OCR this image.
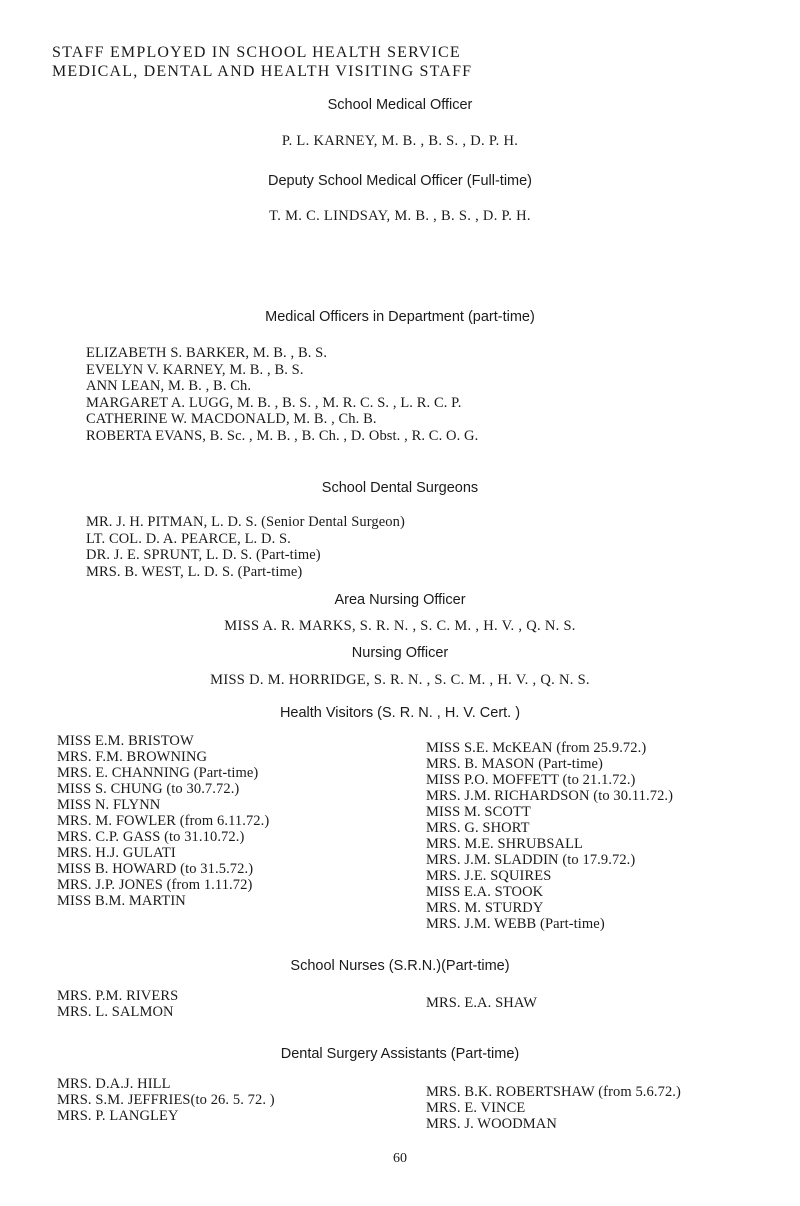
STAFF EMPLOYED IN SCHOOL HEALTH SERVICE
MEDICAL, DENTAL AND HEALTH VISITING STAFF
School Medical Officer
P. L. KARNEY, M. B. , B. S. , D. P. H.
Deputy School Medical Officer (Full-time)
T. M. C. LINDSAY, M. B. , B. S. , D. P. H.
Medical Officers in Department (part-time)
ELIZABETH S. BARKER, M. B. , B. S.
EVELYN V. KARNEY, M. B. , B. S.
ANN LEAN, M. B. , B. Ch.
MARGARET A. LUGG, M. B. , B. S. , M. R. C. S. , L. R. C. P.
CATHERINE W. MACDONALD, M. B. , Ch. B.
ROBERTA EVANS, B. Sc. , M. B. , B. Ch. , D. Obst. , R. C. O. G.
School Dental Surgeons
MR. J. H. PITMAN, L. D. S. (Senior Dental Surgeon)
LT. COL. D. A. PEARCE, L. D. S.
DR. J. E. SPRUNT, L. D. S. (Part-time)
MRS. B. WEST, L. D. S. (Part-time)
Area Nursing Officer
MISS A. R. MARKS, S. R. N. , S. C. M. , H. V. , Q. N. S.
Nursing Officer
MISS D. M. HORRIDGE, S. R. N. , S. C. M. , H. V. , Q. N. S.
Health Visitors (S. R. N. , H. V. Cert. )
MISS E.M. BRISTOW
MRS. F.M. BROWNING
MRS. E. CHANNING (Part-time)
MISS S. CHUNG (to 30.7.72.)
MISS N. FLYNN
MRS. M. FOWLER (from 6.11.72.)
MRS. C.P. GASS (to 31.10.72.)
MRS. H.J. GULATI
MISS B. HOWARD (to 31.5.72.)
MRS. J.P. JONES (from 1.11.72)
MISS B.M. MARTIN
MISS S.E. McKEAN (from 25.9.72.)
MRS. B. MASON (Part-time)
MISS P.O. MOFFETT (to 21.1.72.)
MRS. J.M. RICHARDSON (to 30.11.72.)
MISS M. SCOTT
MRS. G. SHORT
MRS. M.E. SHRUBSALL
MRS. J.M. SLADDIN (to 17.9.72.)
MRS. J.E. SQUIRES
MISS E.A. STOOK
MRS. M. STURDY
MRS. J.M. WEBB (Part-time)
School Nurses (S.R.N.)(Part-time)
MRS. P.M. RIVERS
MRS. L. SALMON
MRS. E.A. SHAW
Dental Surgery Assistants (Part-time)
MRS. D.A.J. HILL
MRS. S.M. JEFFRIES(to 26. 5. 72. )
MRS. P. LANGLEY
MRS. B.K. ROBERTSHAW (from 5.6.72.)
MRS. E. VINCE
MRS. J. WOODMAN
60
